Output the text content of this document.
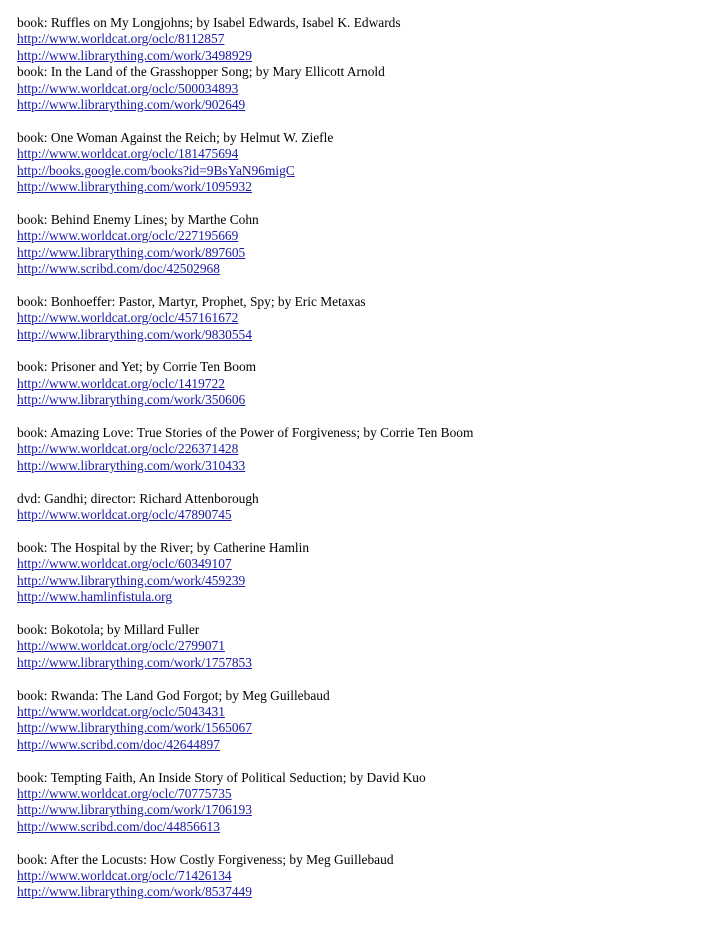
book: Ruffles on My Longjohns; by Isabel Edwards, Isabel K. Edwards
http://www.worldcat.org/oclc/8112857
http://www.librarything.com/work/3498929
book: In the Land of the Grasshopper Song; by Mary Ellicott Arnold
http://www.worldcat.org/oclc/500034893
http://www.librarything.com/work/902649
book: One Woman Against the Reich; by Helmut W. Ziefle
http://www.worldcat.org/oclc/181475694
http://books.google.com/books?id=9BsYaN96migC
http://www.librarything.com/work/1095932
book: Behind Enemy Lines; by Marthe Cohn
http://www.worldcat.org/oclc/227195669
http://www.librarything.com/work/897605
http://www.scribd.com/doc/42502968
book: Bonhoeffer: Pastor, Martyr, Prophet, Spy; by Eric Metaxas
http://www.worldcat.org/oclc/457161672
http://www.librarything.com/work/9830554
book: Prisoner and Yet; by Corrie Ten Boom
http://www.worldcat.org/oclc/1419722
http://www.librarything.com/work/350606
book: Amazing Love: True Stories of the Power of Forgiveness; by Corrie Ten Boom
http://www.worldcat.org/oclc/226371428
http://www.librarything.com/work/310433
dvd: Gandhi; director: Richard Attenborough
http://www.worldcat.org/oclc/47890745
book: The Hospital by the River; by Catherine Hamlin
http://www.worldcat.org/oclc/60349107
http://www.librarything.com/work/459239
http://www.hamlinfistula.org
book: Bokotola; by Millard Fuller
http://www.worldcat.org/oclc/2799071
http://www.librarything.com/work/1757853
book: Rwanda: The Land God Forgot; by Meg Guillebaud
http://www.worldcat.org/oclc/5043431
http://www.librarything.com/work/1565067
http://www.scribd.com/doc/42644897
book: Tempting Faith, An Inside Story of Political Seduction; by David Kuo
http://www.worldcat.org/oclc/70775735
http://www.librarything.com/work/1706193
http://www.scribd.com/doc/44856613
book: After the Locusts: How Costly Forgiveness; by Meg Guillebaud
http://www.worldcat.org/oclc/71426134
http://www.librarything.com/work/8537449
